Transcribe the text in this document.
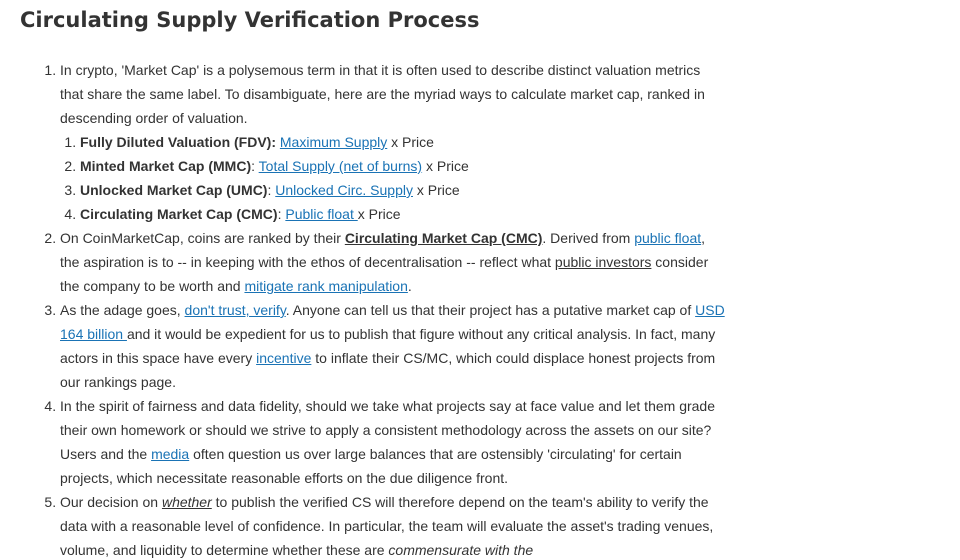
Circulating Supply Verification Process
1. In crypto, 'Market Cap' is a polysemous term in that it is often used to describe distinct valuation metrics that share the same label. To disambiguate, here are the myriad ways to calculate market cap, ranked in descending order of valuation.
1. Fully Diluted Valuation (FDV): Maximum Supply x Price
2. Minted Market Cap (MMC): Total Supply (net of burns) x Price
3. Unlocked Market Cap (UMC): Unlocked Circ. Supply x Price
4. Circulating Market Cap (CMC): Public float x Price
2. On CoinMarketCap, coins are ranked by their Circulating Market Cap (CMC). Derived from public float, the aspiration is to -- in keeping with the ethos of decentralisation -- reflect what public investors consider the company to be worth and mitigate rank manipulation.
3. As the adage goes, don't trust, verify. Anyone can tell us that their project has a putative market cap of USD 164 billion and it would be expedient for us to publish that figure without any critical analysis. In fact, many actors in this space have every incentive to inflate their CS/MC, which could displace honest projects from our rankings page.
4. In the spirit of fairness and data fidelity, should we take what projects say at face value and let them grade their own homework or should we strive to apply a consistent methodology across the assets on our site? Users and the media often question us over large balances that are ostensibly 'circulating' for certain projects, which necessitate reasonable efforts on the due diligence front.
5. Our decision on whether to publish the verified CS will therefore depend on the team's ability to verify the data with a reasonable level of confidence. In particular, the team will evaluate the asset's trading venues, volume, and liquidity to determine whether these are commensurate with the
